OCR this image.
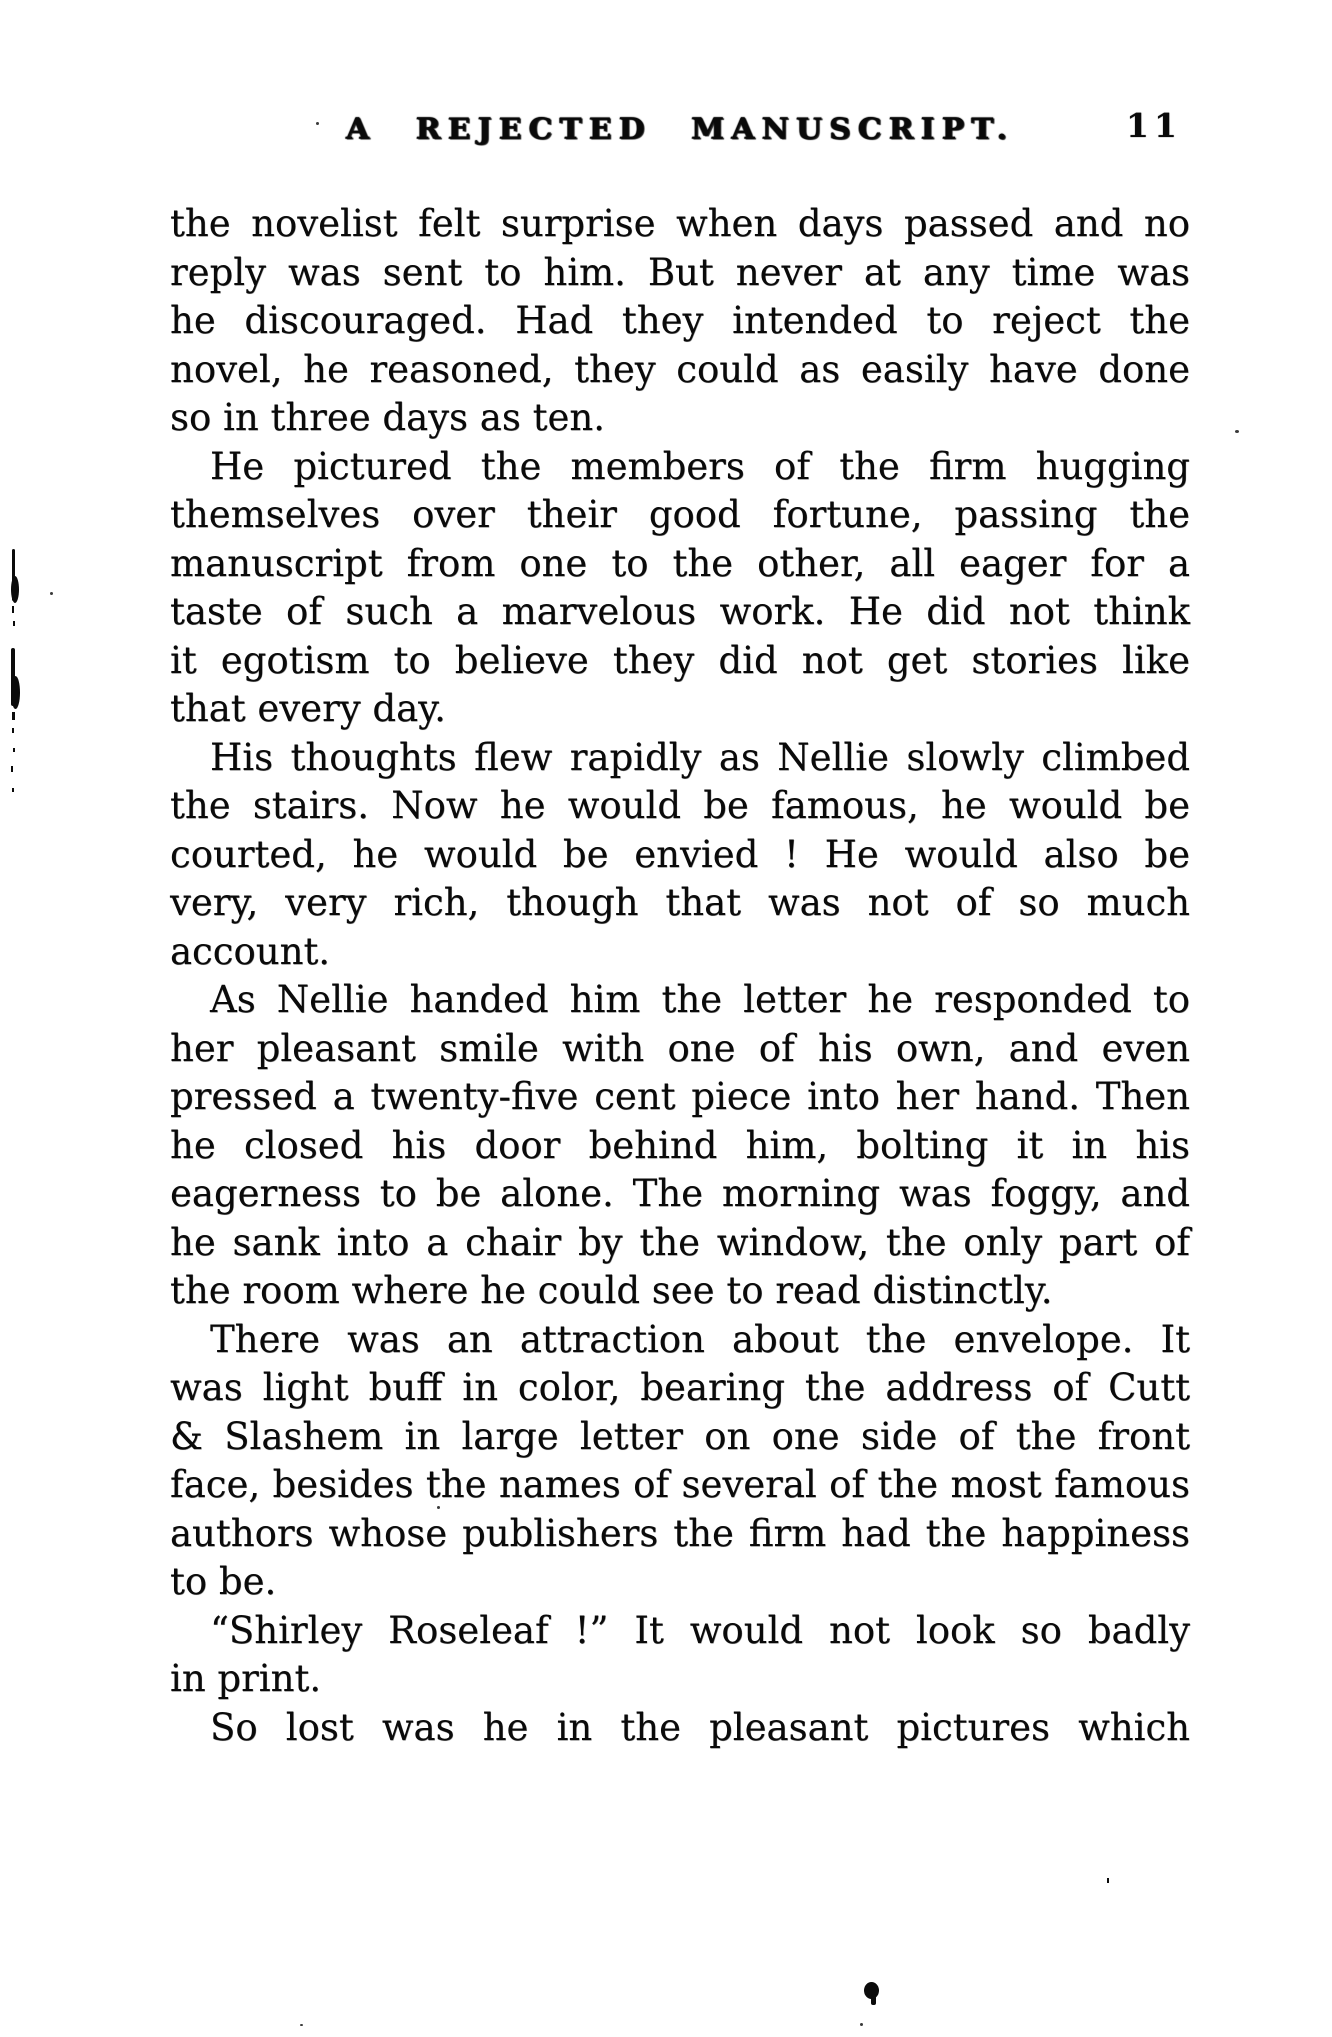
A REJECTED MANUSCRIPT.	11
the novelist felt surprise when days passed and no
reply was sent to him. But never at any time was
he discouraged. Had they intended to reject the
novel, he reasoned, they could as easily have done
so in three days as ten.
He pictured the members of the firm hugging
themselves over their good fortune, passing the
manuscript from one to the other, all eager for a
taste of such a marvelous work. He did not think
it egotism to believe they did not get stories like
that every day.
His thoughts flew rapidly as Nellie slowly climbed
the stairs. Now he would be famous, he would be
courted, he would be envied ! He would also be
very, very rich, though that was not of so much
account.
As Nellie handed him the letter he responded to
her pleasant smile with one of his own, and even
pressed a twenty-five cent piece into her hand. Then
he closed his door behind him, bolting it in his
eagerness to be alone. The morning was foggy, and
he sank into a chair by the window, the only part of
the room where he could see to read distinctly.
There was an attraction about the envelope. It
was light buff in color, bearing the address of Cutt
& Slashem in large letter on one side of the front
face, besides the names of several of the most famous
authors whose publishers the firm had the happiness
to be.
“Shirley Roseleaf !” It would not look so badly
in print.
So lost was he in the pleasant pictures which
